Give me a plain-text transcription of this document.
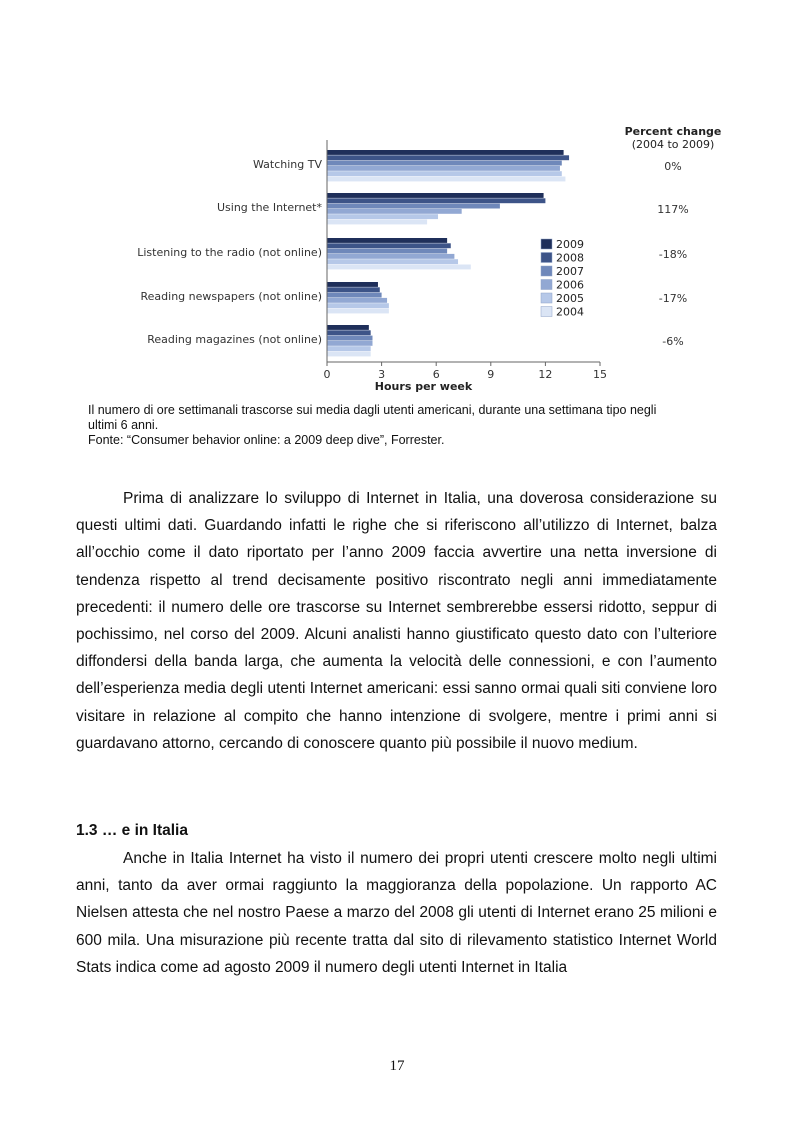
Watching TV
Using the Internet*
Listening to the radio (not online)
Reading newspapers (not online)
Reading magazines (not online)
0	3	6	9	12	15
Hours per week
Percent change
(2004 to 2009)
0%
117%
-18%
-17%
-6%
2009
2008
2007
2006
2005
2004
Il numero di ore settimanali trascorse sui media dagli utenti americani, durante una settimana tipo negli
ultimi 6 anni.
Fonte: “Consumer behavior online: a 2009 deep dive”, Forrester.

Prima di analizzare lo sviluppo di Internet in Italia, una doverosa considerazione su questi ultimi dati. Guardando infatti le righe che si riferiscono all’utilizzo di Internet, balza all’occhio come il dato riportato per l’anno 2009 faccia avvertire una netta inversione di tendenza rispetto al trend decisamente positivo riscontrato negli anni immediatamente precedenti: il numero delle ore trascorse su Internet sembrerebbe essersi ridotto, seppur di pochissimo, nel corso del 2009. Alcuni analisti hanno giustificato questo dato con l’ulteriore diffondersi della banda larga, che aumenta la velocità delle connessioni, e con l’aumento dell’esperienza media degli utenti Internet americani: essi sanno ormai quali siti conviene loro visitare in relazione al compito che hanno intenzione di svolgere, mentre i primi anni si guardavano attorno, cercando di conoscere quanto più possibile il nuovo medium.

1.3 … e in Italia

Anche in Italia Internet ha visto il numero dei propri utenti crescere molto negli ultimi anni, tanto da aver ormai raggiunto la maggioranza della popolazione. Un rapporto AC Nielsen attesta che nel nostro Paese a marzo del 2008 gli utenti di Internet erano 25 milioni e 600 mila. Una misurazione più recente tratta dal sito di rilevamento statistico Internet World Stats indica come ad agosto 2009 il numero degli utenti Internet in Italia

17
